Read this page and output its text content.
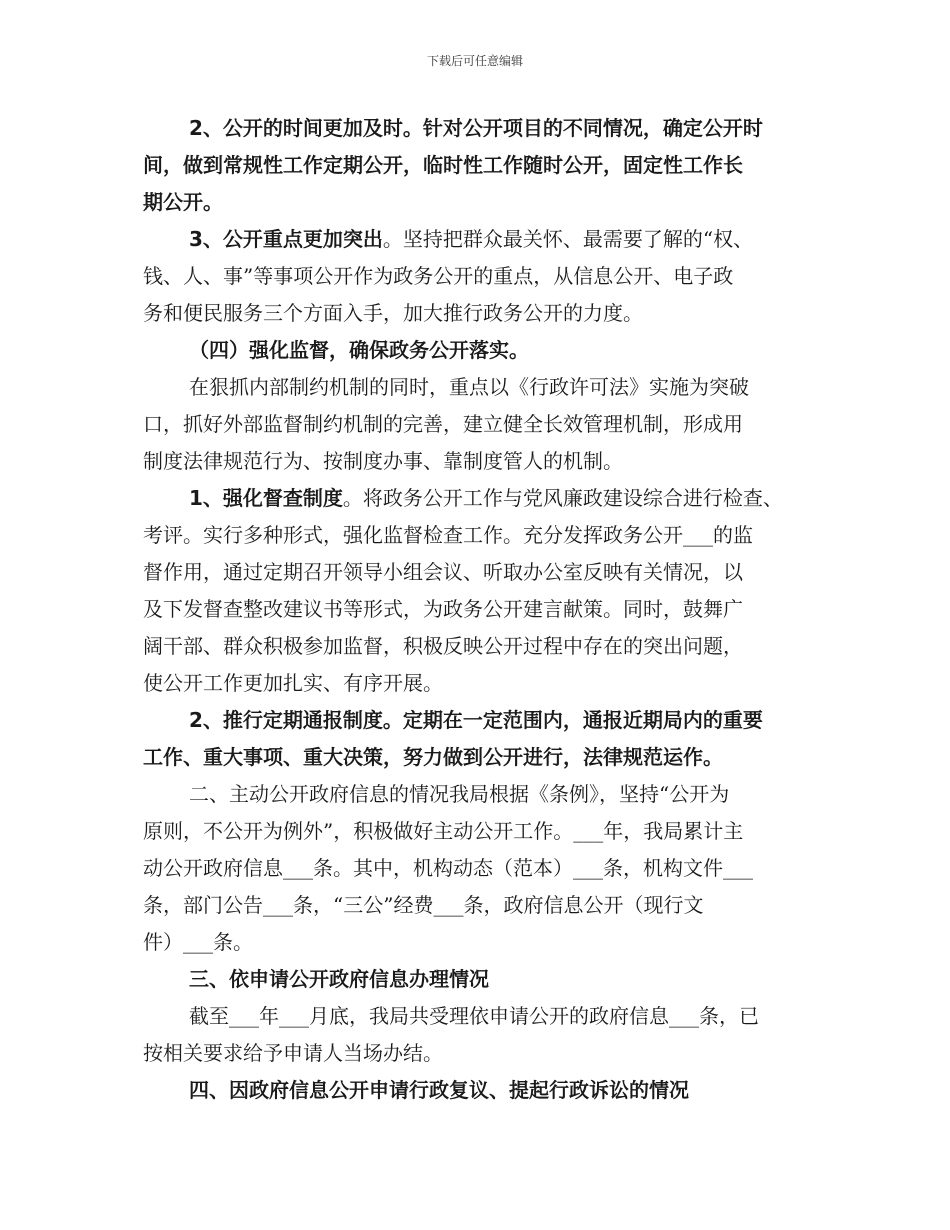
下载后可任意编辑
2、公开的时间更加及时。针对公开项目的不同情况，确定公开时
间，做到常规性工作定期公开，临时性工作随时公开，固定性工作长
期公开。
3、公开重点更加突出。坚持把群众最关怀、最需要了解的“权、
钱、人、事”等事项公开作为政务公开的重点，从信息公开、电子政
务和便民服务三个方面入手，加大推行政务公开的力度。
（四）强化监督，确保政务公开落实。
在狠抓内部制约机制的同时，重点以《行政许可法》实施为突破
口，抓好外部监督制约机制的完善，建立健全长效管理机制，形成用
制度法律规范行为、按制度办事、靠制度管人的机制。
1、强化督查制度。将政务公开工作与党风廉政建设综合进行检查、
考评。实行多种形式，强化监督检查工作。充分发挥政务公开___的监
督作用，通过定期召开领导小组会议、听取办公室反映有关情况，以
及下发督查整改建议书等形式，为政务公开建言献策。同时，鼓舞广
阔干部、群众积极参加监督，积极反映公开过程中存在的突出问题，
使公开工作更加扎实、有序开展。
2、推行定期通报制度。定期在一定范围内，通报近期局内的重要
工作、重大事项、重大决策，努力做到公开进行，法律规范运作。
二、主动公开政府信息的情况我局根据《条例》，坚持“公开为
原则，不公开为例外”，积极做好主动公开工作。___年，我局累计主
动公开政府信息___条。其中，机构动态（范本）___条，机构文件___
条，部门公告___条，“三公”经费___条，政府信息公开（现行文
件）___条。
三、依申请公开政府信息办理情况
截至___年___月底，我局共受理依申请公开的政府信息___条，已
按相关要求给予申请人当场办结。
四、因政府信息公开申请行政复议、提起行政诉讼的情况
